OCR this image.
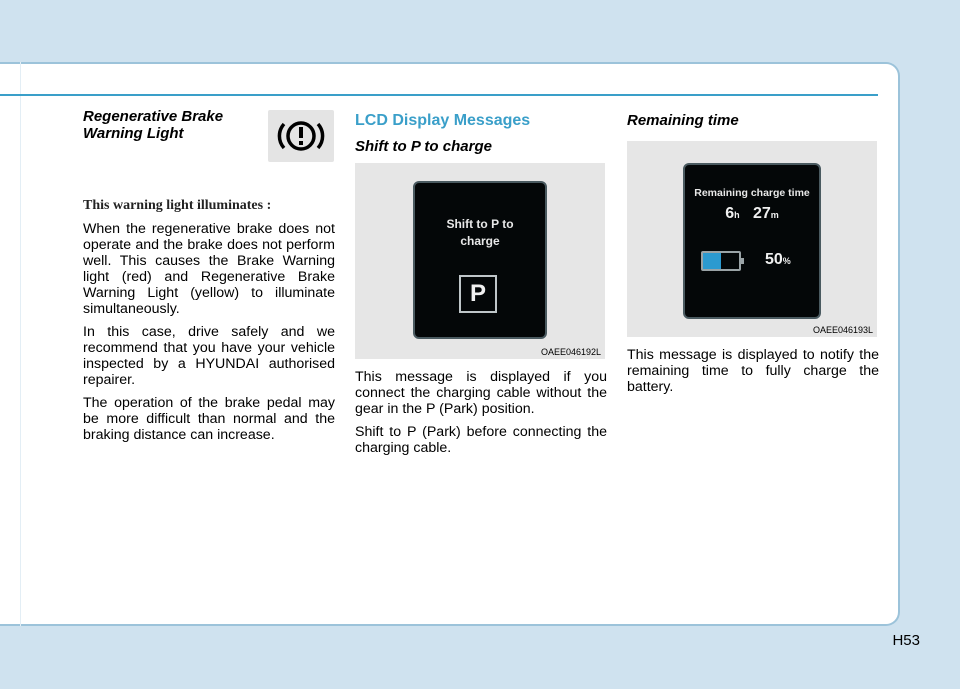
Regenerative Brake Warning Light
This warning light illuminates :

When the regenerative brake does not operate and the brake does not perform well. This causes the Brake Warning light (red) and Regenerative Brake Warning Light (yellow) to illuminate simultaneously.

In this case, drive safely and we recommend that you have your vehicle inspected by a HYUNDAI authorised repairer.

The operation of the brake pedal may be more difficult than normal and the braking distance can increase.

LCD Display Messages
Shift to P to charge
Shift to P to
charge
P
OAEE046192L

This message is displayed if you connect the charging cable without the gear in the P (Park) position.

Shift to P (Park) before connecting the charging cable.

Remaining time
Remaining charge time
6h 27m
50%
OAEE046193L

This message is displayed to notify the remaining time to fully charge the battery.

H53
